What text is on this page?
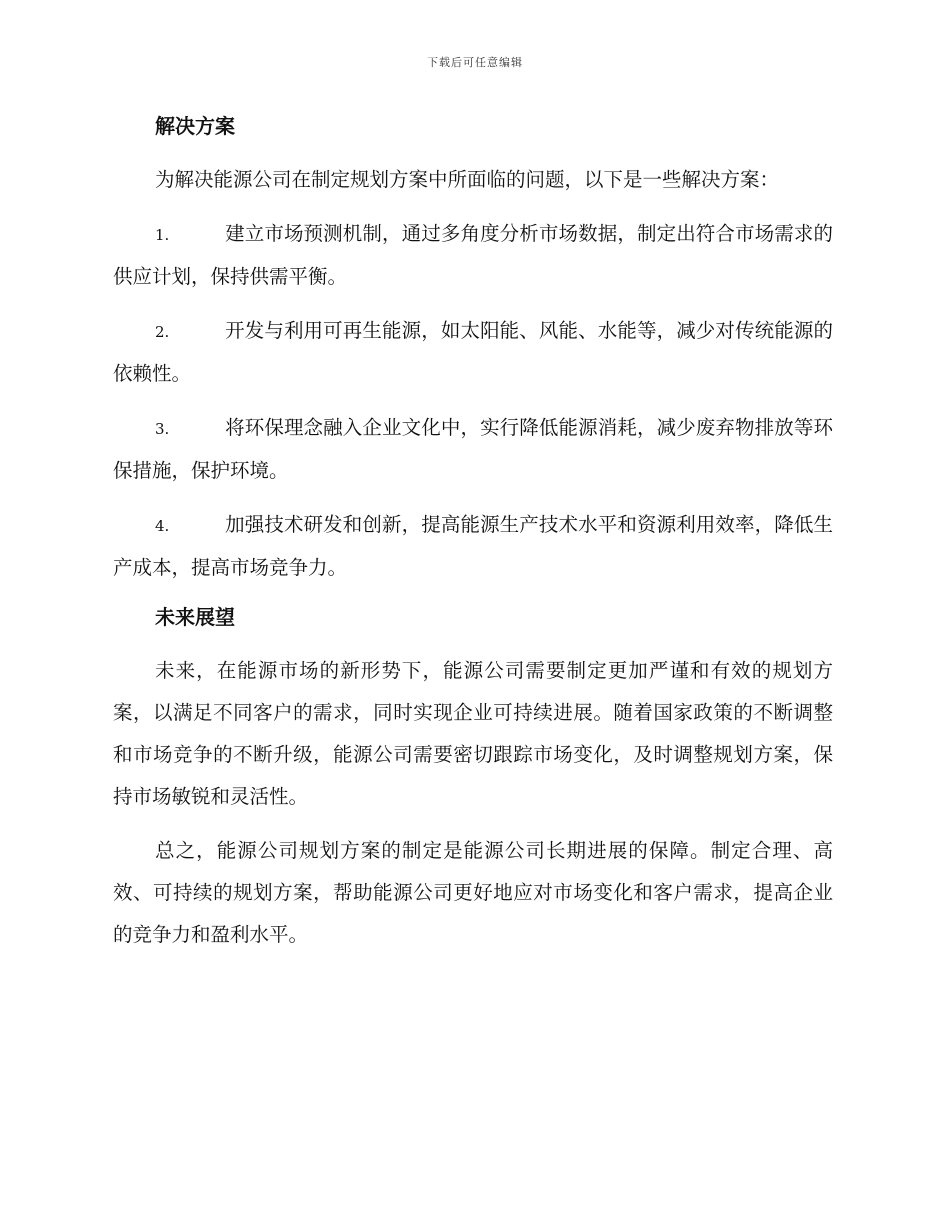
下载后可任意编辑
解决方案

为解决能源公司在制定规划方案中所面临的问题，以下是一些解决方案：

1.	建立市场预测机制，通过多角度分析市场数据，制定出符合市场需求的供应计划，保持供需平衡。

2.	开发与利用可再生能源，如太阳能、风能、水能等，减少对传统能源的依赖性。

3.	将环保理念融入企业文化中，实行降低能源消耗，减少废弃物排放等环保措施，保护环境。

4.	加强技术研发和创新，提高能源生产技术水平和资源利用效率，降低生产成本，提高市场竞争力。

未来展望

未来，在能源市场的新形势下，能源公司需要制定更加严谨和有效的规划方案，以满足不同客户的需求，同时实现企业可持续进展。随着国家政策的不断调整和市场竞争的不断升级，能源公司需要密切跟踪市场变化，及时调整规划方案，保持市场敏锐和灵活性。

总之，能源公司规划方案的制定是能源公司长期进展的保障。制定合理、高效、可持续的规划方案，帮助能源公司更好地应对市场变化和客户需求，提高企业的竞争力和盈利水平。
